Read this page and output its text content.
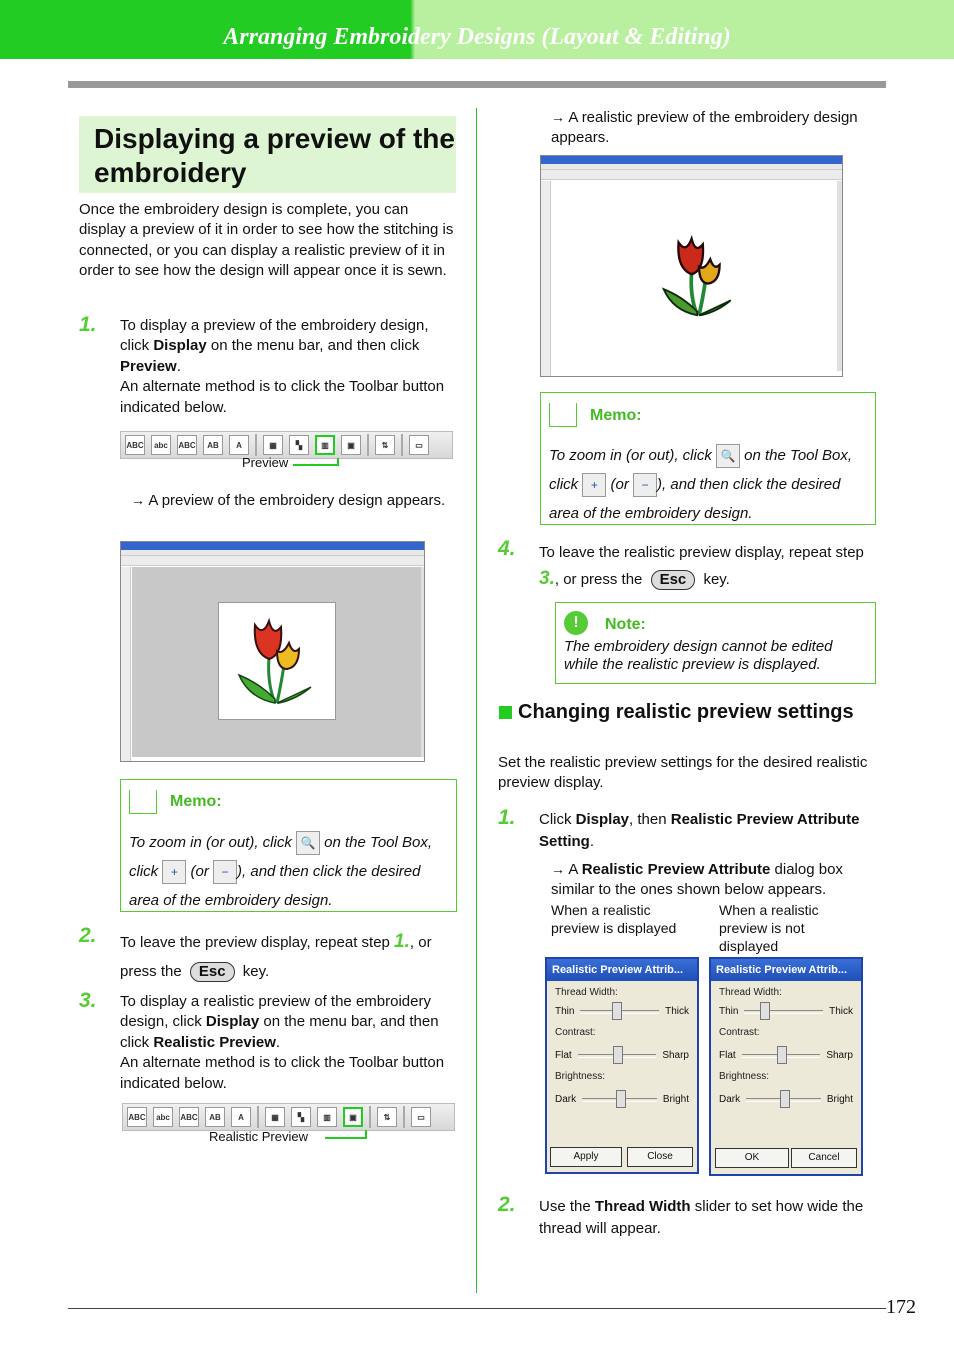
Arranging Embroidery Designs (Layout & Editing)
Displaying a preview of the embroidery
Once the embroidery design is complete, you can display a preview of it in order to see how the stitching is connected, or you can display a realistic preview of it in order to see how the design will appear once it is sewn.
1. To display a preview of the embroidery design, click Display on the menu bar, and then click Preview.
An alternate method is to click the Toolbar button indicated below.
ABC	abc	ABC	AB	A	▦	▚	▥	▣	⇅	▭
Preview
→ A preview of the embroidery design appears.
Memo:
To zoom in (or out), click 🔍 on the Tool Box, click + (or − ), and then click the desired area of the embroidery design.
2. To leave the preview display, repeat step 1., or press the Esc key.
3. To display a realistic preview of the embroidery design, click Display on the menu bar, and then click Realistic Preview.
An alternate method is to click the Toolbar button indicated below.
ABC	abc	ABC	AB	A	▦	▚	▥	▣	⇅	▭
Realistic Preview
→ A realistic preview of the embroidery design appears.
Memo:
To zoom in (or out), click 🔍 on the Tool Box, click + (or − ), and then click the desired area of the embroidery design.
4. To leave the realistic preview display, repeat step 3., or press the Esc key.
!	Note:
The embroidery design cannot be edited while the realistic preview is displayed.
Changing realistic preview settings
Set the realistic preview settings for the desired realistic preview display.
1. Click Display, then Realistic Preview Attribute Setting.
→ A Realistic Preview Attribute dialog box similar to the ones shown below appears.
When a realistic preview is displayed
When a realistic preview is not displayed
Realistic Preview Attrib...
Thread Width:
Thin	Thick
Contrast:
Flat	Sharp
Brightness:
Dark	Bright
Apply	Close
Realistic Preview Attrib...
Thread Width:
Thin	Thick
Contrast:
Flat	Sharp
Brightness:
Dark	Bright
OK	Cancel
2. Use the Thread Width slider to set how wide the thread will appear.
172
